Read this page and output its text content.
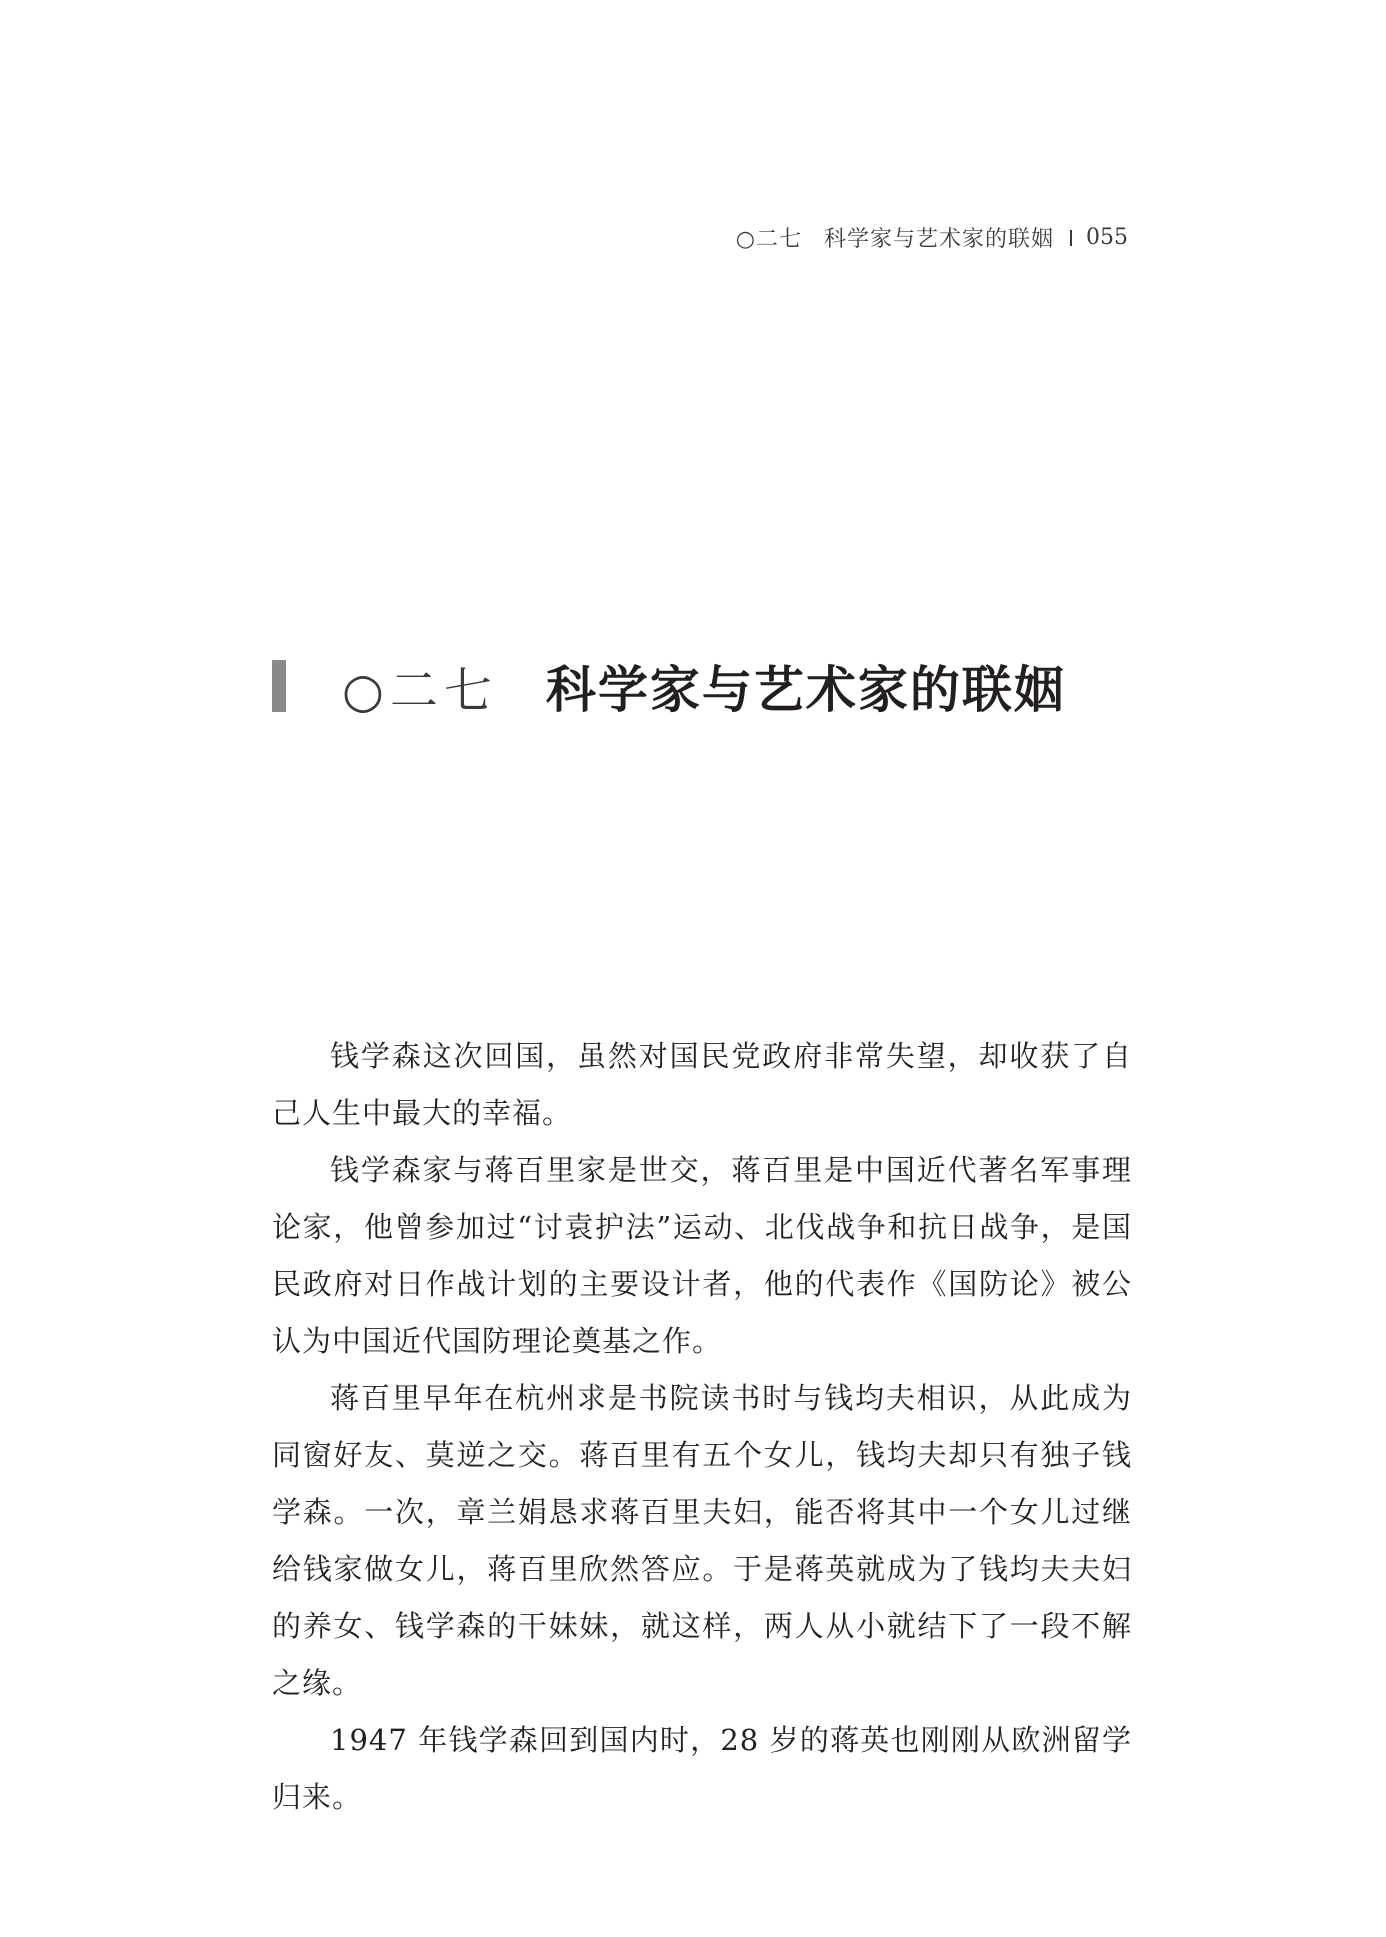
○二七 科学家与艺术家的联姻 055
○二七 科学家与艺术家的联姻

钱学森这次回国，虽然对国民党政府非常失望，却收获了自己人生中最大的幸福。

钱学森家与蒋百里家是世交，蒋百里是中国近代著名军事理论家，他曾参加过“讨袁护法”运动、北伐战争和抗日战争，是国民政府对日作战计划的主要设计者，他的代表作《国防论》被公认为中国近代国防理论奠基之作。

蒋百里早年在杭州求是书院读书时与钱均夫相识，从此成为同窗好友、莫逆之交。蒋百里有五个女儿，钱均夫却只有独子钱学森。一次，章兰娟恳求蒋百里夫妇，能否将其中一个女儿过继给钱家做女儿，蒋百里欣然答应。于是蒋英就成为了钱均夫夫妇的养女、钱学森的干妹妹，就这样，两人从小就结下了一段不解之缘。

1947 年钱学森回到国内时，28 岁的蒋英也刚刚从欧洲留学归来。
